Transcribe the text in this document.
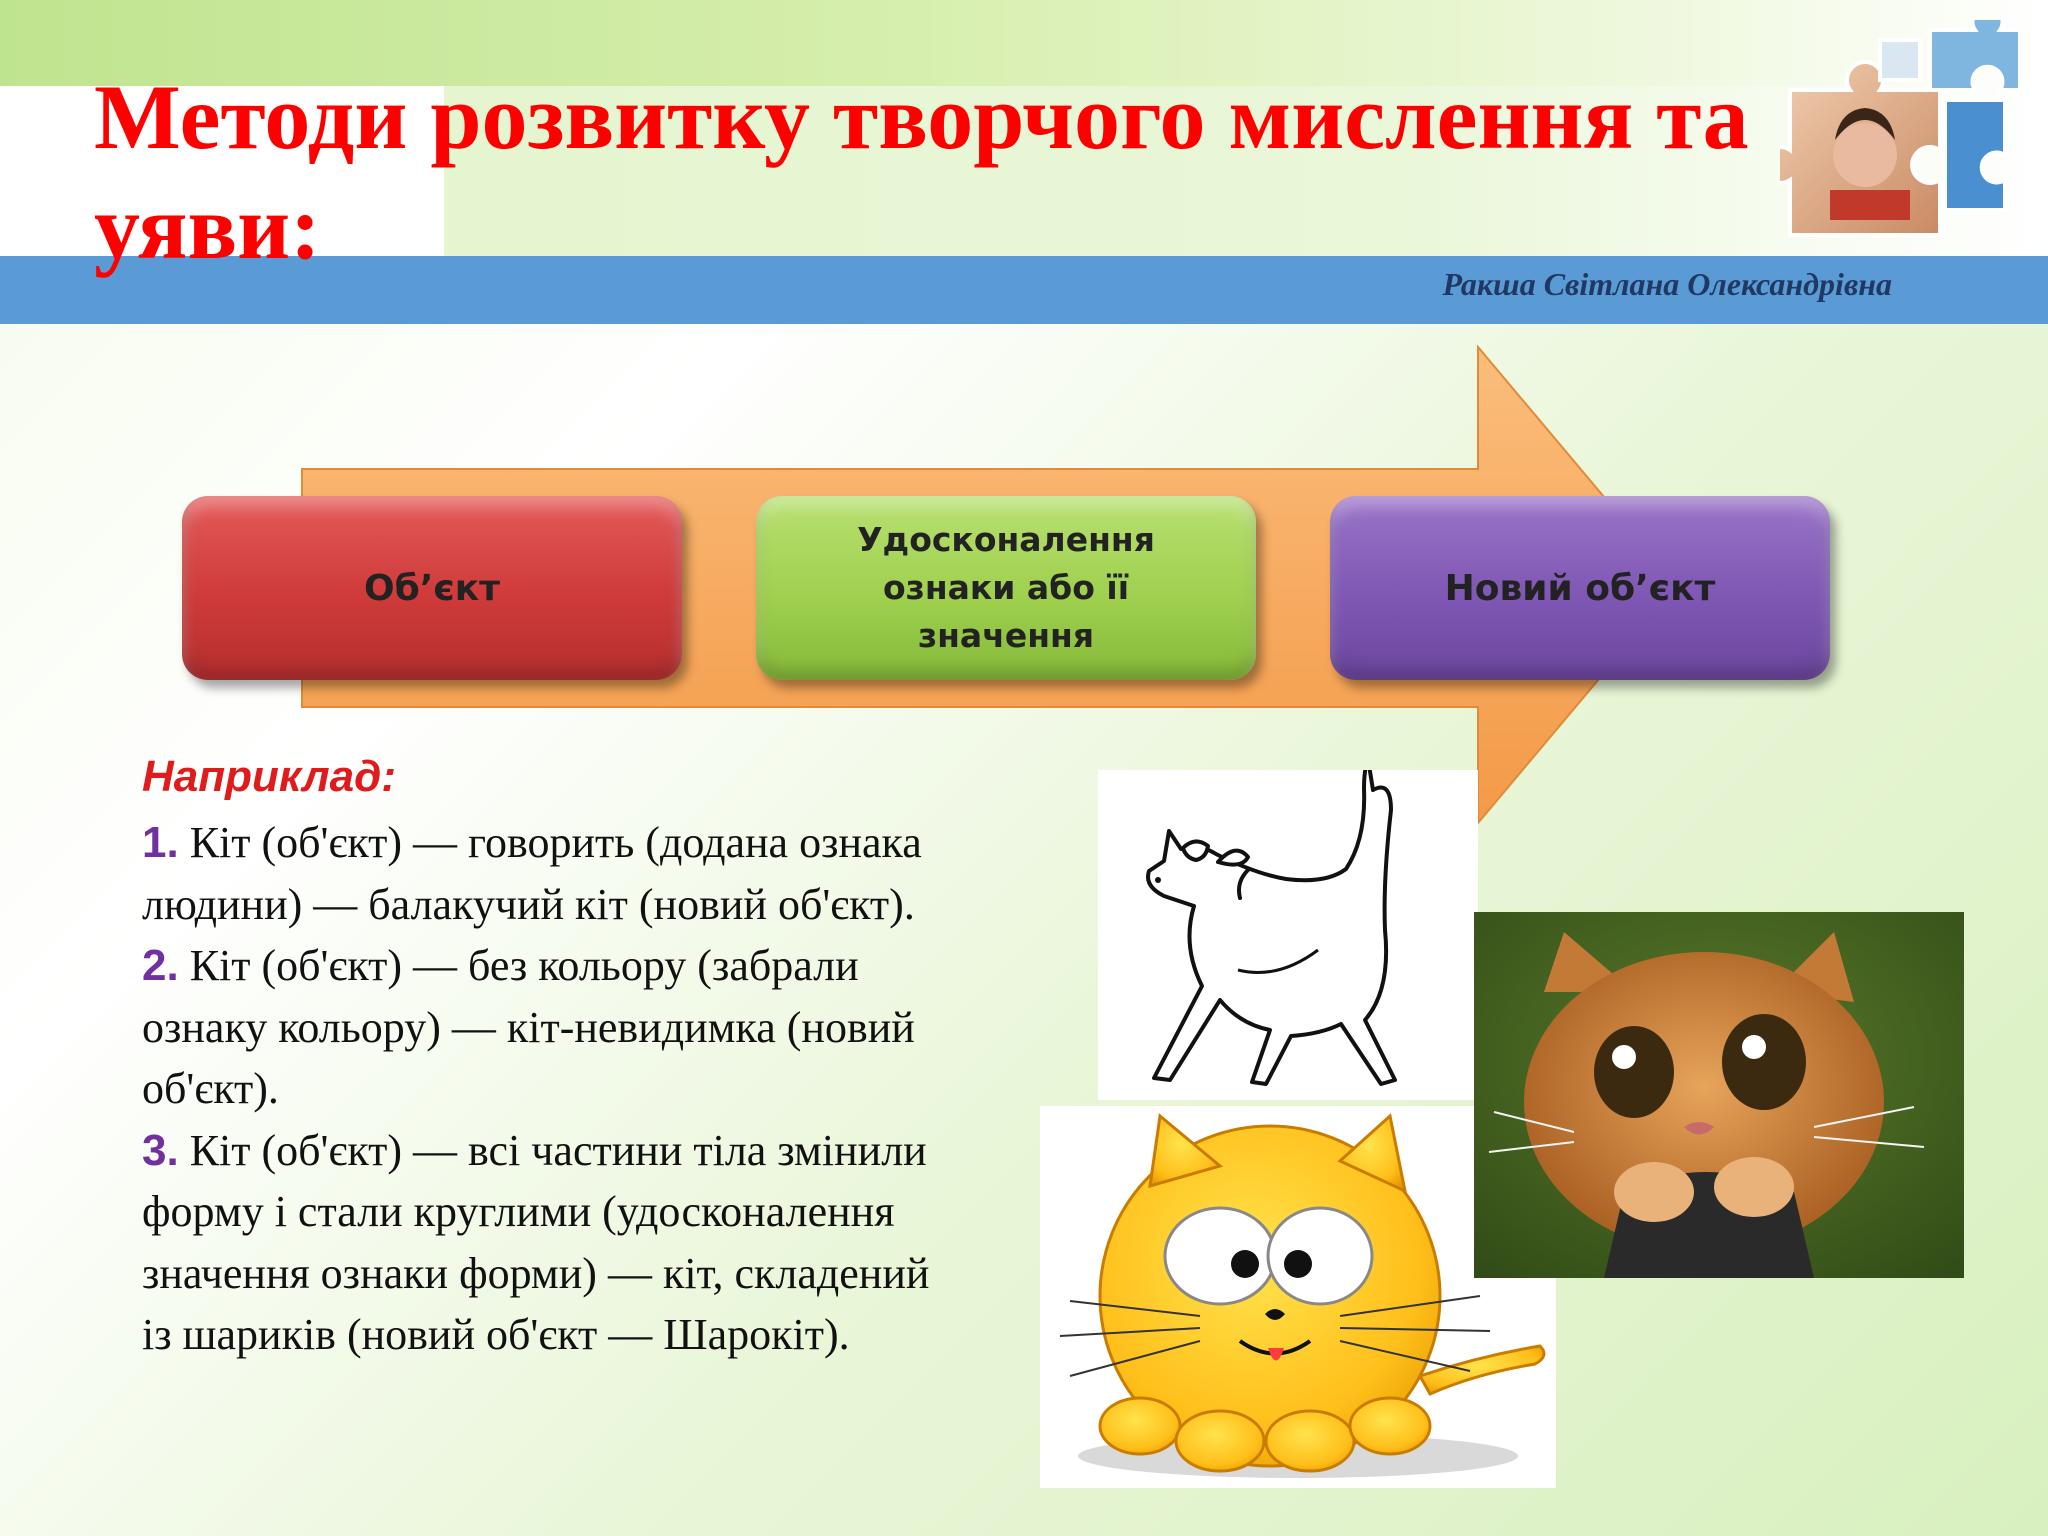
Методи розвитку творчого мислення та уяви:
Ракша Світлана Олександрівна
Об’єкт
Удосконалення
ознаки або її
значення
Новий об’єкт
Наприклад:
1. Кіт (об'єкт) — говорить (додана ознака
людини) — балакучий кіт (новий об'єкт).
2. Кіт (об'єкт) — без кольору (забрали
ознаку кольору) — кіт-невидимка (новий
об'єкт).
3. Кіт (об'єкт) — всі частини тіла змінили
форму і стали круглими (удосконалення
значення ознаки форми) — кіт, складений
із шариків (новий об'єкт — Шарокіт).
